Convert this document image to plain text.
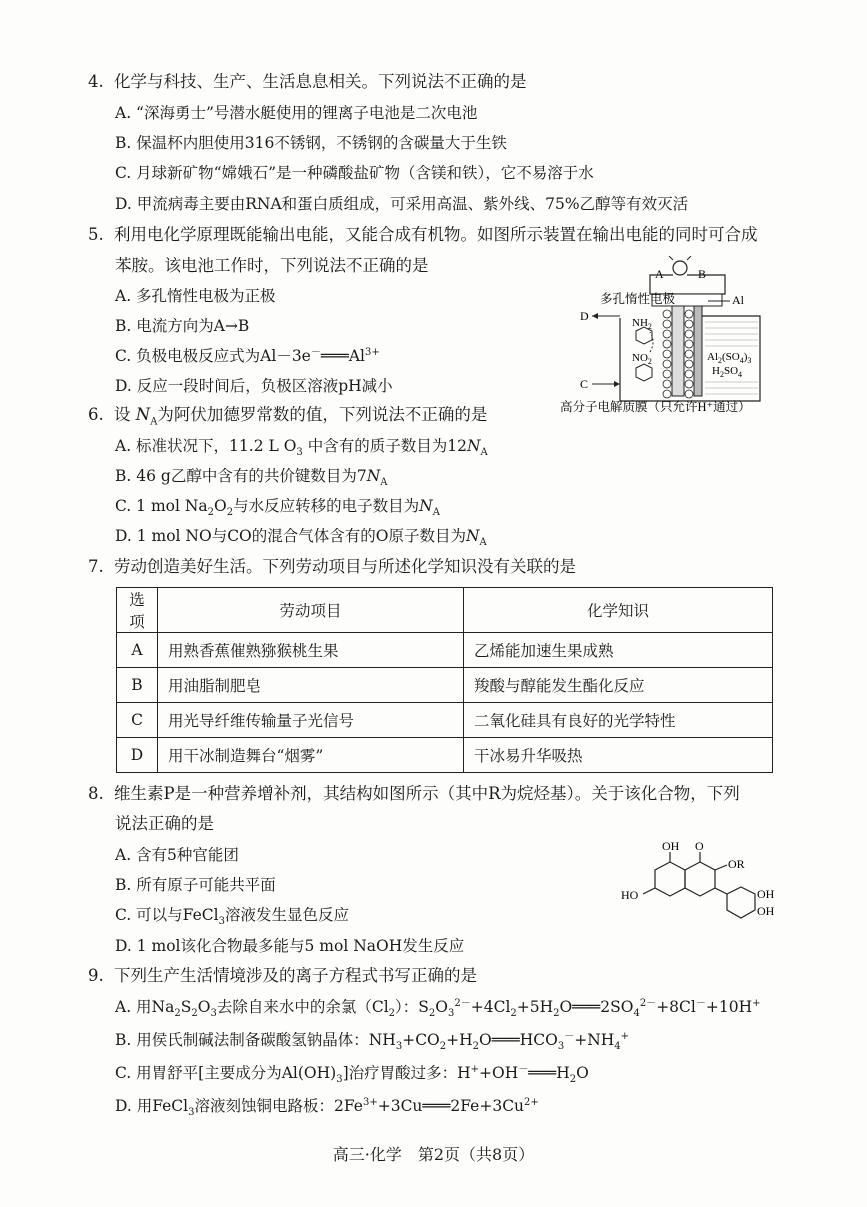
4. 化学与科技、生产、生活息息相关。下列说法不正确的是
A. “深海勇士”号潜水艇使用的锂离子电池是二次电池
B. 保温杯内胆使用316不锈钢，不锈钢的含碳量大于生铁
C. 月球新矿物“嫦娥石”是一种磷酸盐矿物（含镁和铁），它不易溶于水
D. 甲流病毒主要由RNA和蛋白质组成，可采用高温、紫外线、75%乙醇等有效灭活
5. 利用电化学原理既能输出电能，又能合成有机物。如图所示装置在输出电能的同时可合成
苯胺。该电池工作时，下列说法不正确的是
A. 多孔惰性电极为正极
B. 电流方向为A→B
C. 负极电极反应式为$Al-3e^-═══Al^{3+}$
D. 反应一段时间后，负极区溶液pH减小
A	B
多孔惰性电极	Al
$Al_2(SO_4)_3$
$H_2SO_4$
D
C
$NH_2$
$NO_2$
高分子电解质膜（只允许H⁺通过）
6. 设 $N_A$为阿伏加德罗常数的值，下列说法不正确的是
A. 标准状况下，11.2 L $O_3$ 中含有的质子数目为$12N_A$
B. 46 g乙醇中含有的共价键数目为$7N_A$
C. 1 mol $Na_2O_2$与水反应转移的电子数目为$N_A$
D. 1 mol NO与CO的混合气体含有的O原子数目为$N_A$
7. 劳动创造美好生活。下列劳动项目与所述化学知识没有关联的是
选项	劳动项目	化学知识
A	用熟香蕉催熟猕猴桃生果	乙烯能加速生果成熟
B	用油脂制肥皂	羧酸与醇能发生酯化反应
C	用光导纤维传输量子光信号	二氧化硅具有良好的光学特性
D	用干冰制造舞台“烟雾”	干冰易升华吸热
8. 维生素P是一种营养增补剂，其结构如图所示（其中R为烷烃基）。关于该化合物，下列
说法正确的是
A. 含有5种官能团
B. 所有原子可能共平面
C. 可以与FeCl$_3$溶液发生显色反应
D. 1 mol该化合物最多能与5 mol NaOH发生反应
OH O
OR
HO	OH
OH
9. 下列生产生活情境涉及的离子方程式书写正确的是
A. 用$Na_2S_2O_3$去除自来水中的余氯$(Cl_2)$：$S_2O_3^{2-}+4Cl_2+5H_2O═══2SO_4^{2-}+8Cl^-+10H^+$
B. 用侯氏制碱法制备碳酸氢钠晶体：$NH_3+CO_2+H_2O═══HCO_3^-+NH_4^+$
C. 用胃舒平[主要成分为$Al(OH)_3$]治疗胃酸过多：$H^++OH^-═══H_2O$
D. 用FeCl$_3$溶液刻蚀铜电路板：$2Fe^{3+}+3Cu═══2Fe+3Cu^{2+}$
高三·化学　第2页（共8页）
